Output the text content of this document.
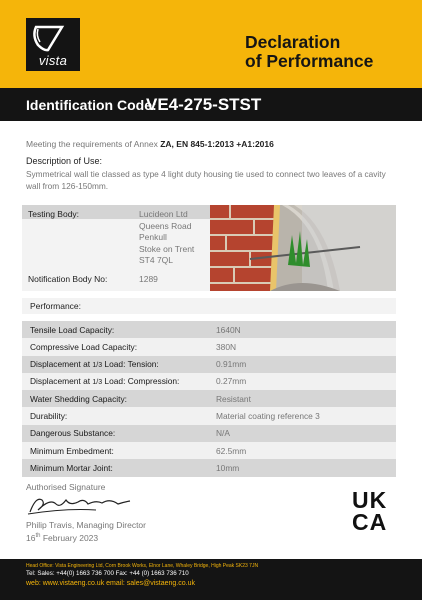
vista
Declaration
of Performance
Identification Code:
VE4-275-STST
Meeting the requirements of Annex ZA, EN 845-1:2013 +A1:2016
Description of Use:
Symmetrical wall tie classed as type 4 light duty housing tie used to connect two leaves of a cavity wall from 126-150mm.
Testing Body:	Lucideon Ltd
Queens Road
Penkull
Stoke on Trent
ST4 7QL
Notification Body No:	1289
Performance:
Tensile Load Capacity:	1640N
Compressive Load Capacity:	380N
Displacement at 1/3 Load: Tension:	0.91mm
Displacement at 1/3 Load: Compression:	0.27mm
Water Shedding Capacity:	Resistant
Durability:	Material coating reference 3
Dangerous Substance:	N/A
Minimum Embedment:	62.5mm
Minimum Mortar Joint:	10mm
Authorised Signature
Philip Travis, Managing Director
16th February 2023
UK
CA
Head Office: Vista Engineering Ltd, Corn Brook Works, Elnor Lane, Whaley Bridge, High Peak SK23 7JN
Tel: Sales: +44(0) 1663 736 700 Fax: +44 (0) 1663 736 710
web: www.vistaeng.co.uk email: sales@vistaeng.co.uk
